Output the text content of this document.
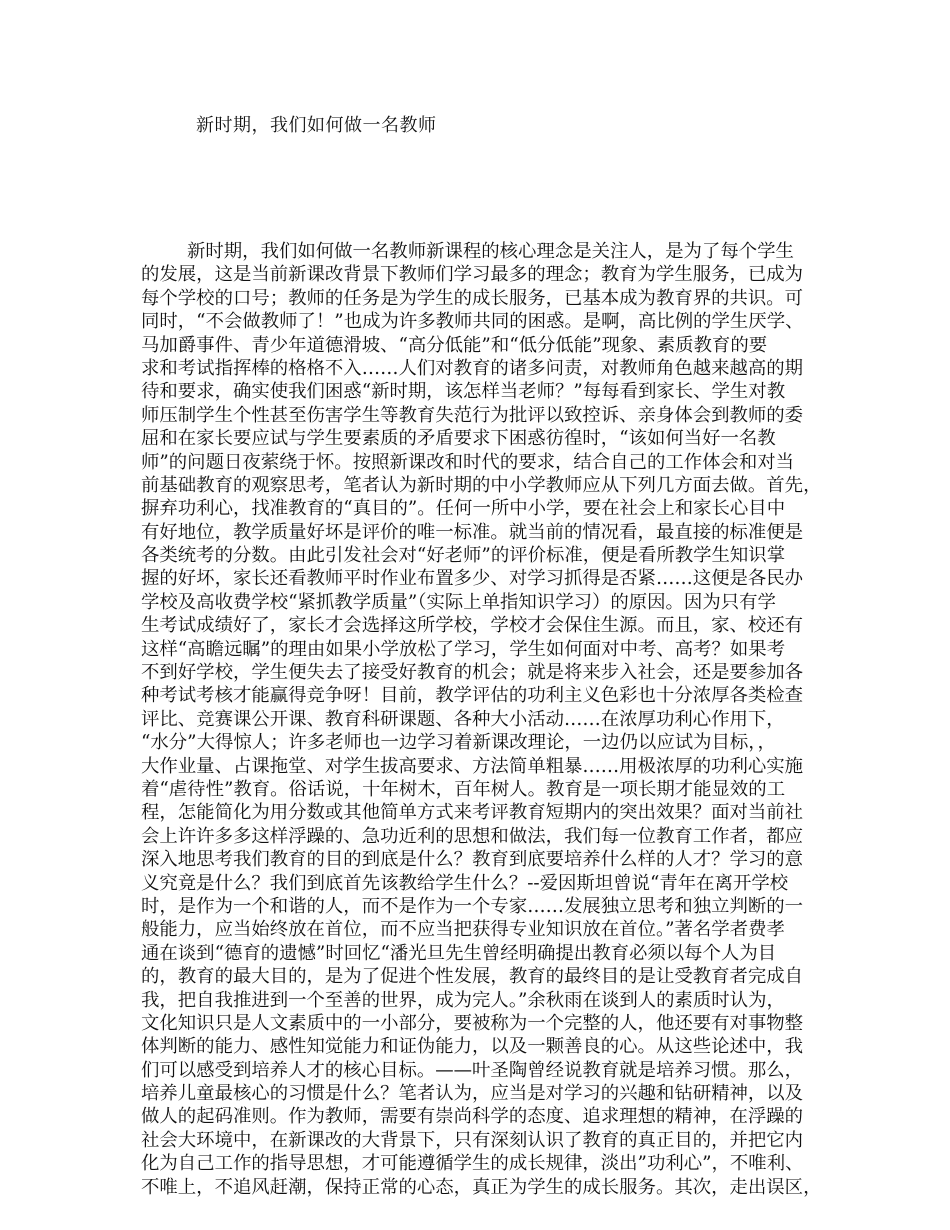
新时期，我们如何做一名教师
新时期，我们如何做一名教师新课程的核心理念是关注人，是为了每个学生
的发展，这是当前新课改背景下教师们学习最多的理念；教育为学生服务，已成为
每个学校的口号；教师的任务是为学生的成长服务，已基本成为教育界的共识。可
同时，“不会做教师了！”也成为许多教师共同的困惑。是啊，高比例的学生厌学、
马加爵事件、青少年道德滑坡、“高分低能”和“低分低能”现象、素质教育的要
求和考试指挥棒的格格不入……人们对教育的诸多问责，对教师角色越来越高的期
待和要求，确实使我们困惑“新时期，该怎样当老师？”每每看到家长、学生对教
师压制学生个性甚至伤害学生等教育失范行为批评以致控诉、亲身体会到教师的委
屈和在家长要应试与学生要素质的矛盾要求下困惑彷徨时，“该如何当好一名教
师”的问题日夜萦绕于怀。按照新课改和时代的要求，结合自己的工作体会和对当
前基础教育的观察思考，笔者认为新时期的中小学教师应从下列几方面去做。首先，
摒弃功利心，找准教育的“真目的”。任何一所中小学，要在社会上和家长心目中
有好地位，教学质量好坏是评价的唯一标准。就当前的情况看，最直接的标准便是
各类统考的分数。由此引发社会对“好老师”的评价标准，便是看所教学生知识掌
握的好坏，家长还看教师平时作业布置多少、对学习抓得是否紧……这便是各民办
学校及高收费学校“紧抓教学质量”（实际上单指知识学习）的原因。因为只有学
生考试成绩好了，家长才会选择这所学校，学校才会保住生源。而且，家、校还有
这样“高瞻远瞩”的理由如果小学放松了学习，学生如何面对中考、高考？如果考
不到好学校，学生便失去了接受好教育的机会；就是将来步入社会，还是要参加各
种考试考核才能赢得竞争呀！目前，教学评估的功利主义色彩也十分浓厚各类检查
评比、竞赛课公开课、教育科研课题、各种大小活动……在浓厚功利心作用下，
“水分”大得惊人；许多老师也一边学习着新课改理论，一边仍以应试为目标，，
大作业量、占课拖堂、对学生拔高要求、方法简单粗暴……用极浓厚的功利心实施
着“虐待性”教育。俗话说，十年树木，百年树人。教育是一项长期才能显效的工
程，怎能简化为用分数或其他简单方式来考评教育短期内的突出效果？面对当前社
会上许许多多这样浮躁的、急功近利的思想和做法，我们每一位教育工作者，都应
深入地思考我们教育的目的到底是什么？教育到底要培养什么样的人才？学习的意
义究竟是什么？我们到底首先该教给学生什么？--爱因斯坦曾说“青年在离开学校
时，是作为一个和谐的人，而不是作为一个专家……发展独立思考和独立判断的一
般能力，应当始终放在首位，而不应当把获得专业知识放在首位。”著名学者费孝
通在谈到“德育的遗憾”时回忆“潘光旦先生曾经明确提出教育必须以每个人为目
的，教育的最大目的，是为了促进个性发展，教育的最终目的是让受教育者完成自
我，把自我推进到一个至善的世界，成为完人。”余秋雨在谈到人的素质时认为，
文化知识只是人文素质中的一小部分，要被称为一个完整的人，他还要有对事物整
体判断的能力、感性知觉能力和证伪能力，以及一颗善良的心。从这些论述中，我
们可以感受到培养人才的核心目标。——叶圣陶曾经说教育就是培养习惯。那么，
培养儿童最核心的习惯是什么？笔者认为，应当是对学习的兴趣和钻研精神，以及
做人的起码准则。作为教师，需要有崇尚科学的态度、追求理想的精神，在浮躁的
社会大环境中，在新课改的大背景下，只有深刻认识了教育的真正目的，并把它内
化为自己工作的指导思想，才可能遵循学生的成长规律，淡出”功利心”，不唯利、
不唯上，不追风赶潮，保持正常的心态，真正为学生的成长服务。其次，走出误区，
